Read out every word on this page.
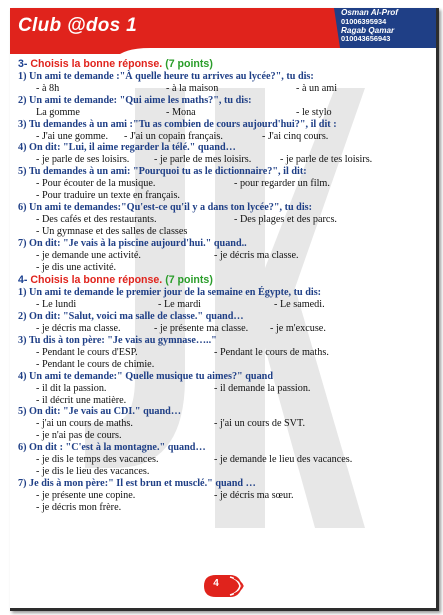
Club @dos 1
Osman Al-Prof
01006395934
Ragab Qamar
010043656943
3- Choisis la bonne réponse. (7 points)
1) Un ami te demande :"À quelle heure tu arrives au lycée?", tu dis:
- à 8h	- à la maison	- à un ami
2) Un ami te demande: "Qui aime les maths?", tu dis:
La gomme	- Mona	- le stylo
3) Tu demandes à un ami :"Tu as combien de cours aujourd'hui?", il dit :
- J'ai une gomme.	- J'ai un copain français.	- J'ai cinq cours.
4) On dit: "Lui, il aime regarder la télé." quand…
- je parle de ses loisirs.	- je parle de mes loisirs.	- je parle de tes loisirs.
5) Tu demandes à un ami: "Pourquoi tu as le dictionnaire?", il dit:
- Pour écouter de la musique.	- pour regarder un film.
- Pour traduire un texte en français.
6) Un ami te demandes:"Qu'est-ce qu'il y a dans ton lycée?", tu dis:
- Des cafés et des restaurants.	- Des plages et des parcs.
- Un gymnase et des salles de classes
7) On dit: "Je vais à la piscine aujourd'hui." quand..
- je demande une activité.	- je décris ma classe.
- je dis une activité.
4- Choisis la bonne réponse. (7 points)
1) Un ami te demande le premier jour de la semaine en Égypte, tu dis:
- Le lundi	- Le mardi	- Le samedi.
2) On dit: "Salut, voici ma salle de classe." quand…
- je décris ma classe.	- je présente ma classe.	- je m'excuse.
3) Tu dis à ton père: "Je vais au gymnase….."
- Pendant le cours d'ESP.	- Pendant le cours de maths.
- Pendant le cours de chimie.
4) Un ami te demande:" Quelle musique tu aimes?" quand
- il dit la passion.	- il demande la passion.
- il décrit une matière.
5) On dit: "Je vais au CDI." quand…
- j'ai un cours de maths.	- j'ai un cours de SVT.
- je n'ai pas de cours.
6) On dit : "C'est à la montagne." quand…
- je dis le temps des vacances.	- je demande le lieu des vacances.
- je dis le lieu des vacances.
7) Je dis à mon père:" Il est brun et musclé." quand …
- je présente une copine.	- je décris ma sœur.
- je décris mon frère.
4
